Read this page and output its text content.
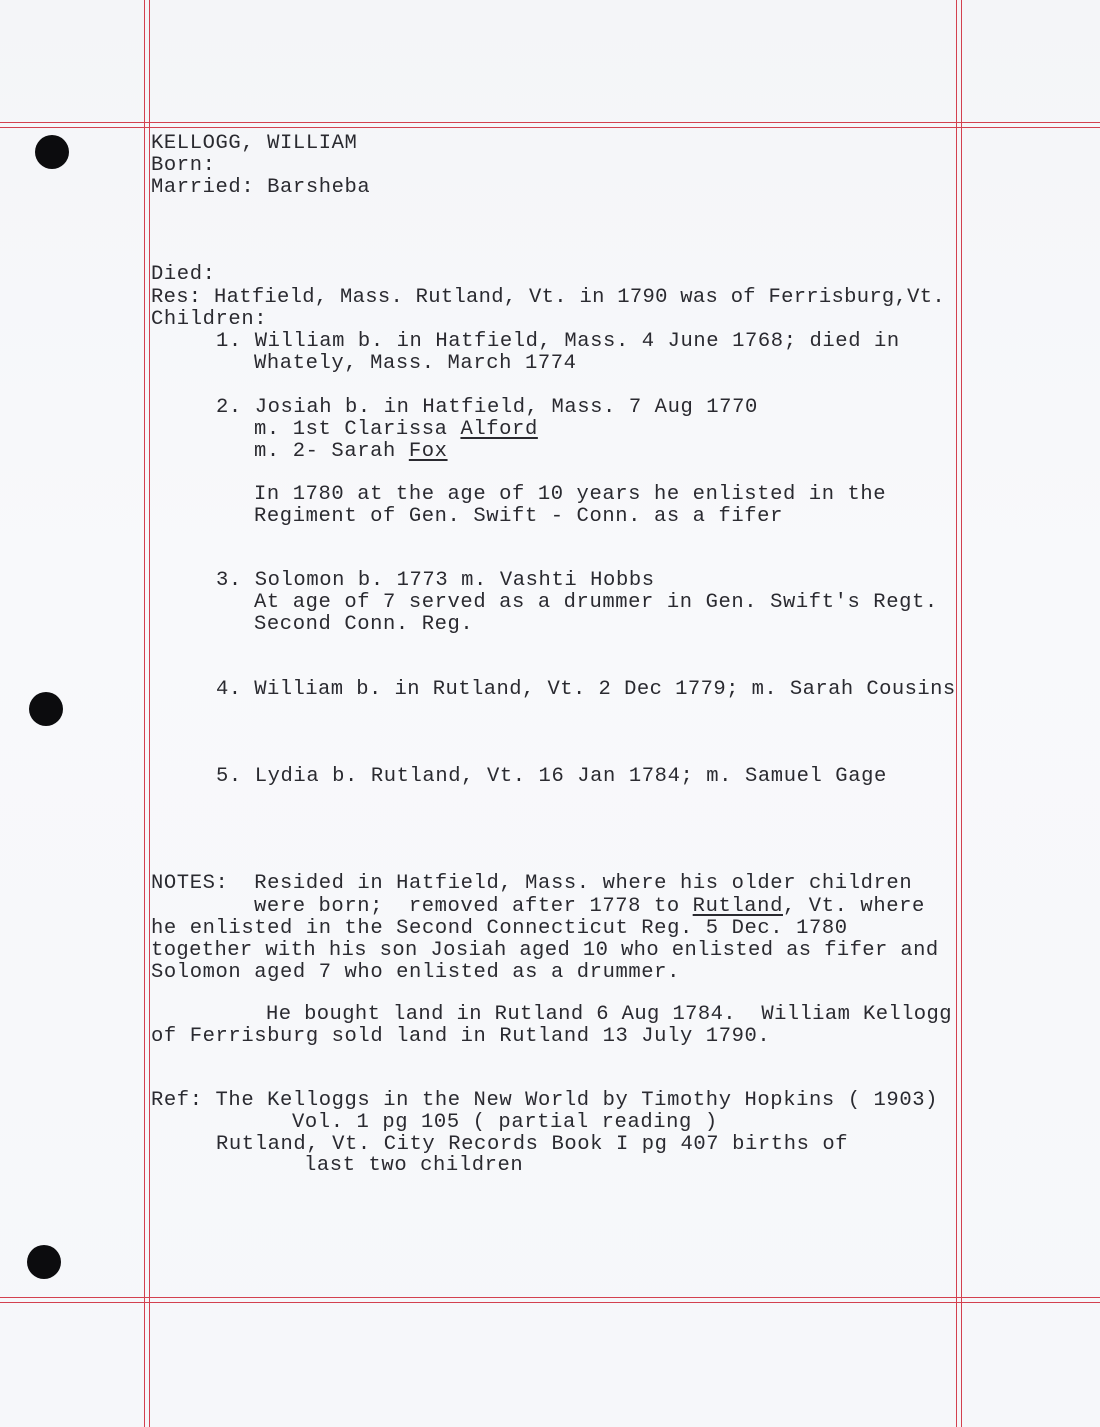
KELLOGG, WILLIAM
Born:
Married: Barsheba
Died:
Res: Hatfield, Mass. Rutland, Vt. in 1790 was of Ferrisburg,Vt.
Children:
1. William b. in Hatfield, Mass. 4 June 1768; died in
Whately, Mass. March 1774
2. Josiah b. in Hatfield, Mass. 7 Aug 1770
m. 1st Clarissa Alford
m. 2- Sarah Fox
In 1780 at the age of 10 years he enlisted in the
Regiment of Gen. Swift - Conn. as a fifer
3. Solomon b. 1773 m. Vashti Hobbs
At age of 7 served as a drummer in Gen. Swift's Regt.
Second Conn. Reg.
4. William b. in Rutland, Vt. 2 Dec 1779; m. Sarah Cousins
5. Lydia b. Rutland, Vt. 16 Jan 1784; m. Samuel Gage
NOTES:  Resided in Hatfield, Mass. where his older children
were born;  removed after 1778 to Rutland, Vt. where
he enlisted in the Second Connecticut Reg. 5 Dec. 1780
together with his son Josiah aged 10 who enlisted as fifer and
Solomon aged 7 who enlisted as a drummer.
He bought land in Rutland 6 Aug 1784.  William Kellogg
of Ferrisburg sold land in Rutland 13 July 1790.
Ref: The Kelloggs in the New World by Timothy Hopkins ( 1903)
Vol. 1 pg 105 ( partial reading )
Rutland, Vt. City Records Book I pg 407 births of
last two children
